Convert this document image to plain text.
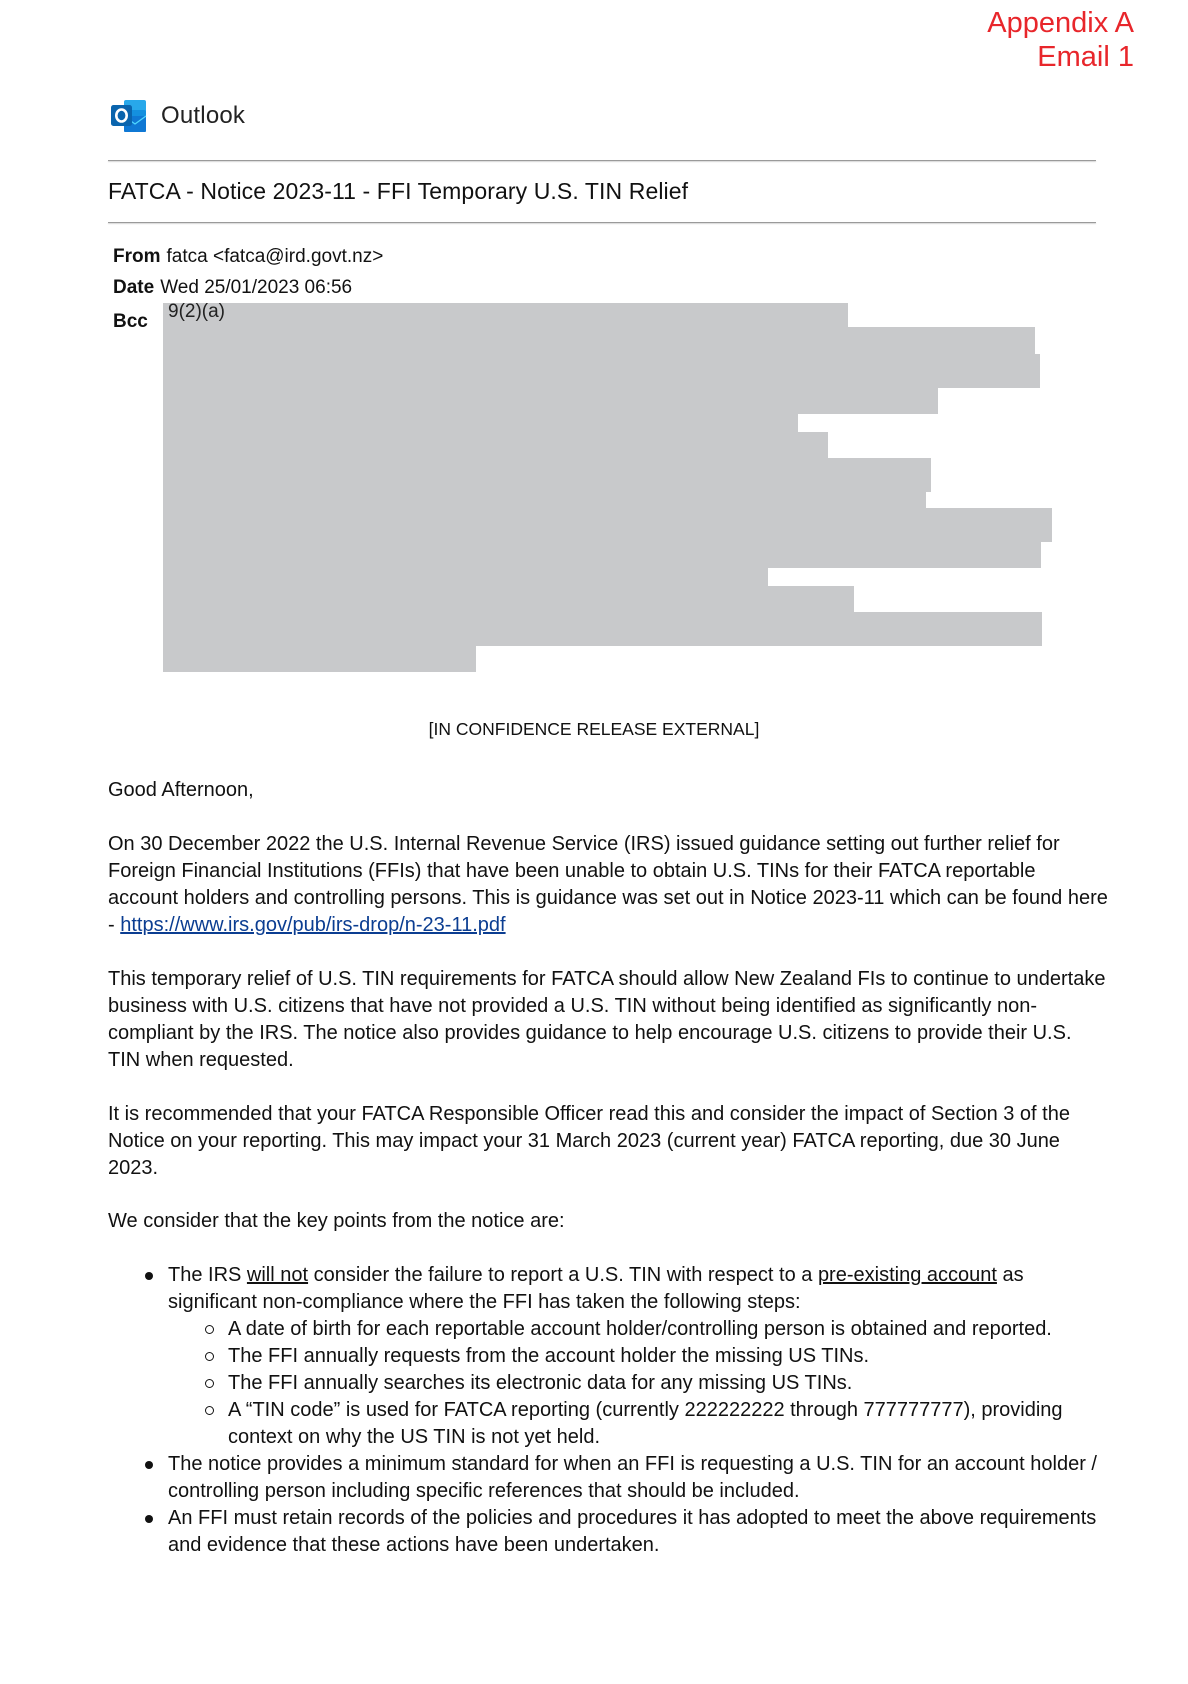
Appendix A
Email 1
Outlook
FATCA - Notice 2023-11 - FFI Temporary U.S. TIN Relief
From fatca <fatca@ird.govt.nz>
Date Wed 25/01/2023 06:56
Bcc	9(2)(a)
[IN CONFIDENCE RELEASE EXTERNAL]

Good Afternoon,

On 30 December 2022 the U.S. Internal Revenue Service (IRS) issued guidance setting out further relief for Foreign Financial Institutions (FFIs) that have been unable to obtain U.S. TINs for their FATCA reportable account holders and controlling persons. This is guidance was set out in Notice 2023-11 which can be found here - https://www.irs.gov/pub/irs-drop/n-23-11.pdf

This temporary relief of U.S. TIN requirements for FATCA should allow New Zealand FIs to continue to undertake business with U.S. citizens that have not provided a U.S. TIN without being identified as significantly non-compliant by the IRS. The notice also provides guidance to help encourage U.S. citizens to provide their U.S. TIN when requested.

It is recommended that your FATCA Responsible Officer read this and consider the impact of Section 3 of the Notice on your reporting. This may impact your 31 March 2023 (current year) FATCA reporting, due 30 June 2023.

We consider that the key points from the notice are:

The IRS will not consider the failure to report a U.S. TIN with respect to a pre-existing account as significant non-compliance where the FFI has taken the following steps:
A date of birth for each reportable account holder/controlling person is obtained and reported.
The FFI annually requests from the account holder the missing US TINs.
The FFI annually searches its electronic data for any missing US TINs.
A “TIN code” is used for FATCA reporting (currently 222222222 through 777777777), providing context on why the US TIN is not yet held.
The notice provides a minimum standard for when an FFI is requesting a U.S. TIN for an account holder / controlling person including specific references that should be included.
An FFI must retain records of the policies and procedures it has adopted to meet the above requirements and evidence that these actions have been undertaken.
